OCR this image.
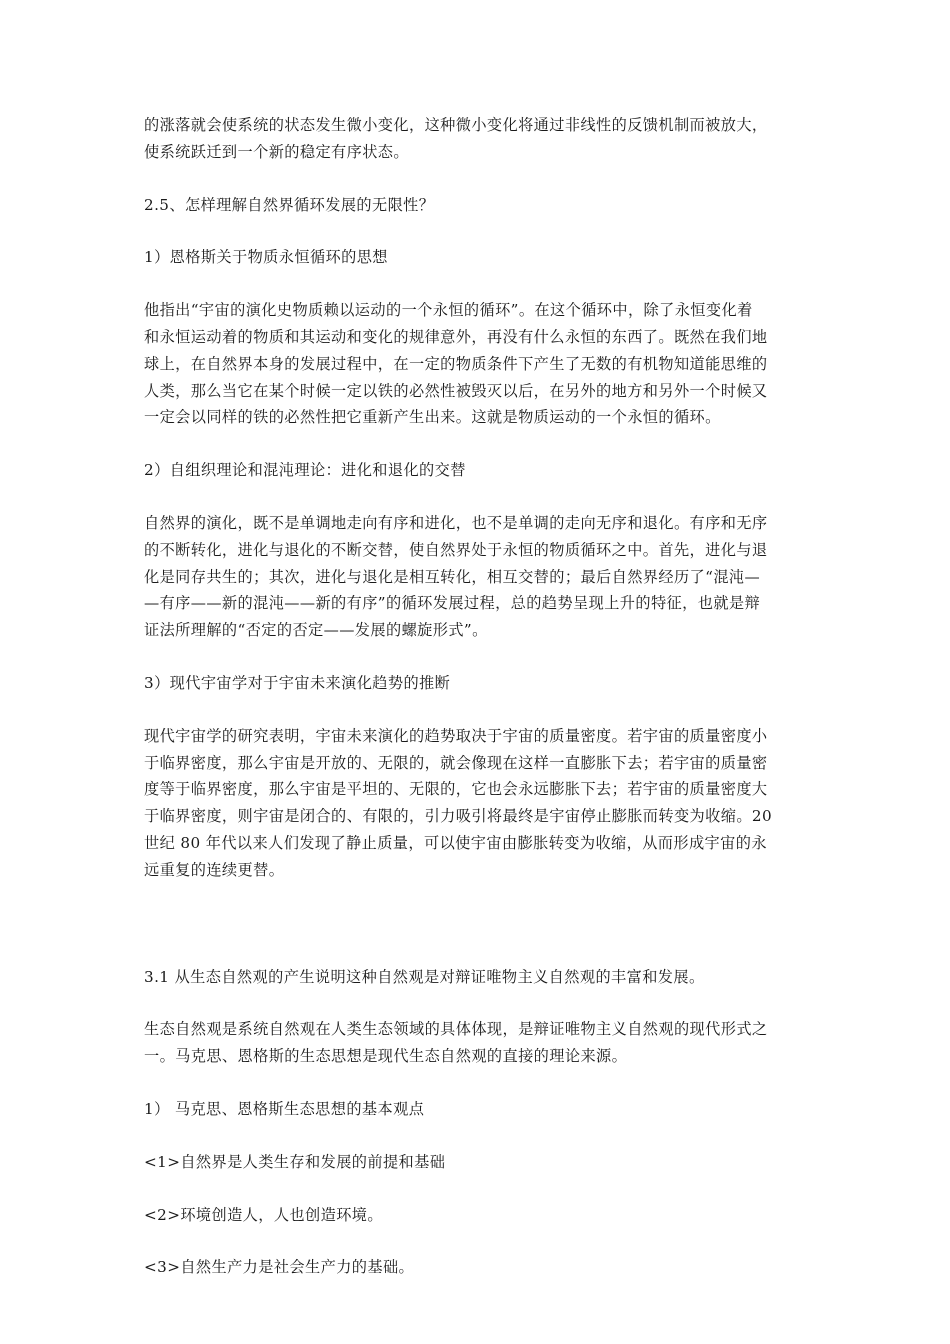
的涨落就会使系统的状态发生微小变化，这种微小变化将通过非线性的反馈机制而被放大，
使系统跃迁到一个新的稳定有序状态。

2.5、怎样理解自然界循环发展的无限性？

1）恩格斯关于物质永恒循环的思想

他指出“宇宙的演化史物质赖以运动的一个永恒的循环”。在这个循环中，除了永恒变化着
和永恒运动着的物质和其运动和变化的规律意外，再没有什么永恒的东西了。既然在我们地
球上，在自然界本身的发展过程中，在一定的物质条件下产生了无数的有机物知道能思维的
人类，那么当它在某个时候一定以铁的必然性被毁灭以后，在另外的地方和另外一个时候又
一定会以同样的铁的必然性把它重新产生出来。这就是物质运动的一个永恒的循环。

2）自组织理论和混沌理论：进化和退化的交替

自然界的演化，既不是单调地走向有序和进化，也不是单调的走向无序和退化。有序和无序
的不断转化，进化与退化的不断交替，使自然界处于永恒的物质循环之中。首先，进化与退
化是同存共生的；其次，进化与退化是相互转化，相互交替的；最后自然界经历了“混沌—
—有序——新的混沌——新的有序”的循环发展过程，总的趋势呈现上升的特征，也就是辩
证法所理解的“否定的否定——发展的螺旋形式”。

3）现代宇宙学对于宇宙未来演化趋势的推断

现代宇宙学的研究表明，宇宙未来演化的趋势取决于宇宙的质量密度。若宇宙的质量密度小
于临界密度，那么宇宙是开放的、无限的，就会像现在这样一直膨胀下去；若宇宙的质量密
度等于临界密度，那么宇宙是平坦的、无限的，它也会永远膨胀下去；若宇宙的质量密度大
于临界密度，则宇宙是闭合的、有限的，引力吸引将最终是宇宙停止膨胀而转变为收缩。20
世纪 80 年代以来人们发现了静止质量，可以使宇宙由膨胀转变为收缩，从而形成宇宙的永
远重复的连续更替。

3.1 从生态自然观的产生说明这种自然观是对辩证唯物主义自然观的丰富和发展。

生态自然观是系统自然观在人类生态领域的具体体现，是辩证唯物主义自然观的现代形式之
一。马克思、恩格斯的生态思想是现代生态自然观的直接的理论来源。

1） 马克思、恩格斯生态思想的基本观点

<1>自然界是人类生存和发展的前提和基础

<2>环境创造人，人也创造环境。

<3>自然生产力是社会生产力的基础。
